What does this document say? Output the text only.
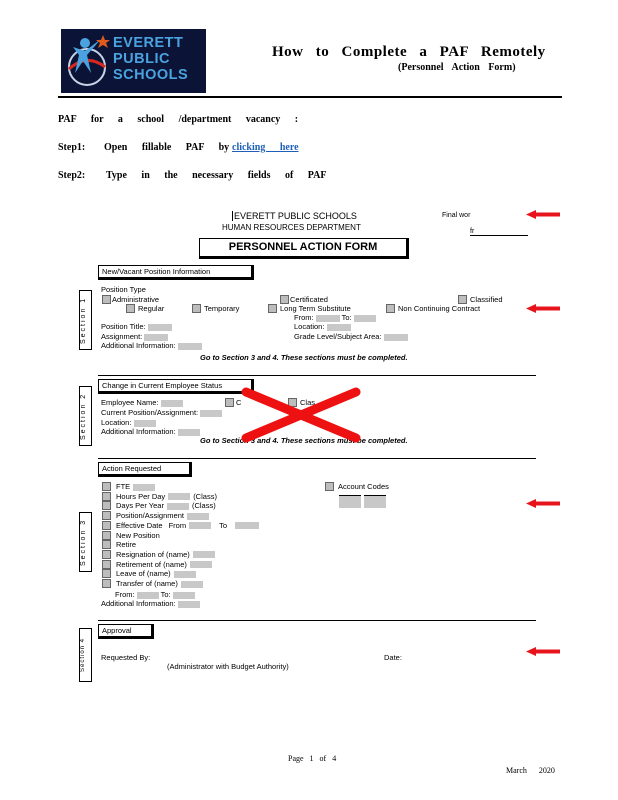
EVERETT
PUBLIC
SCHOOLS
How to Complete a PAF Remotely
(Personnel Action Form)
PAF for a school /department vacancy :
Step1: Open fillable PAF by clicking here
Step2: Type in the necessary fields of PAF
EVERETT PUBLIC SCHOOLS
HUMAN RESOURCES DEPARTMENT
Final wor
fr
PERSONNEL ACTION FORM
Section 1
New/Vacant Position Information
Position Type
Administrative	Certificated	Classified
Regular	Temporary	Long Term Substitute	Non Continuing Contract
From:	To:
Position Title:	Location:
Assignment:	Grade Level/Subject Area:
Additional Information:
Go to Section 3 and 4. These sections must be completed.
Section 2
Change in Current Employee Status
Employee Name:	C	Clas
Current Position/Assignment:
Location:
Additional Information:
Go to Section 3 and 4. These sections must be completed.
Section 3
Action Requested
FTE
Hours Per Day	(Class)
Days Per Year	(Class)
Position/Assignment
Effective Date From	To
New Position
Retire
Resignation of (name)
Retirement of (name)
Leave of (name)
Transfer of (name)
Account Codes
From:	To:
Additional Information:
Section 4
Approval
Requested By:	Date:
(Administrator with Budget Authority)
Page 1 of 4
March 2020
